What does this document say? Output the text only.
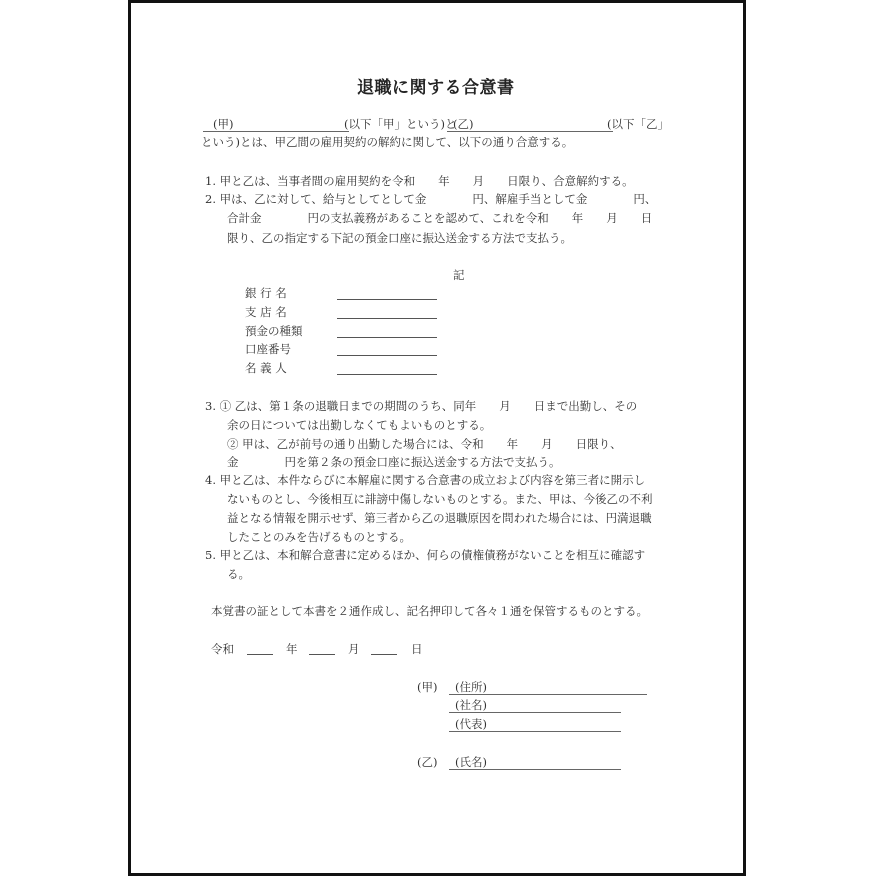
退職に関する合意書
(甲)	(以下「甲」という)と
(乙)	(以下「乙」
という)とは、甲乙間の雇用契約の解約に関して、以下の通り合意する。
1. 甲と乙は、当事者間の雇用契約を令和　　年　　月　　日限り、合意解約する。
2. 甲は、乙に対して、給与としてとして金　　　　円、解雇手当として金　　　　円、
合計金　　　　円の支払義務があることを認めて、これを令和　　年　　月　　日
限り、乙の指定する下記の預金口座に振込送金する方法で支払う。
記
銀 行 名
支 店 名
預金の種類
口座番号
名 義 人
3. ① 乙は、第１条の退職日までの期間のうち、同年　　月　　日まで出勤し、その
余の日については出勤しなくてもよいものとする。
② 甲は、乙が前号の通り出勤した場合には、令和　　年　　月　　日限り、
金　　　　円を第２条の預金口座に振込送金する方法で支払う。
4. 甲と乙は、本件ならびに本解雇に関する合意書の成立および内容を第三者に開示し
ないものとし、今後相互に誹謗中傷しないものとする。また、甲は、今後乙の不利
益となる情報を開示せず、第三者から乙の退職原因を問われた場合には、円満退職
したことのみを告げるものとする。
5. 甲と乙は、本和解合意書に定めるほか、何らの債権債務がないことを相互に確認す
る。
本覚書の証として本書を２通作成し、記名押印して各々１通を保管するものとする。
令和	年	月	日
(甲)	(住所)
(社名)
(代表)
(乙)	(氏名)
